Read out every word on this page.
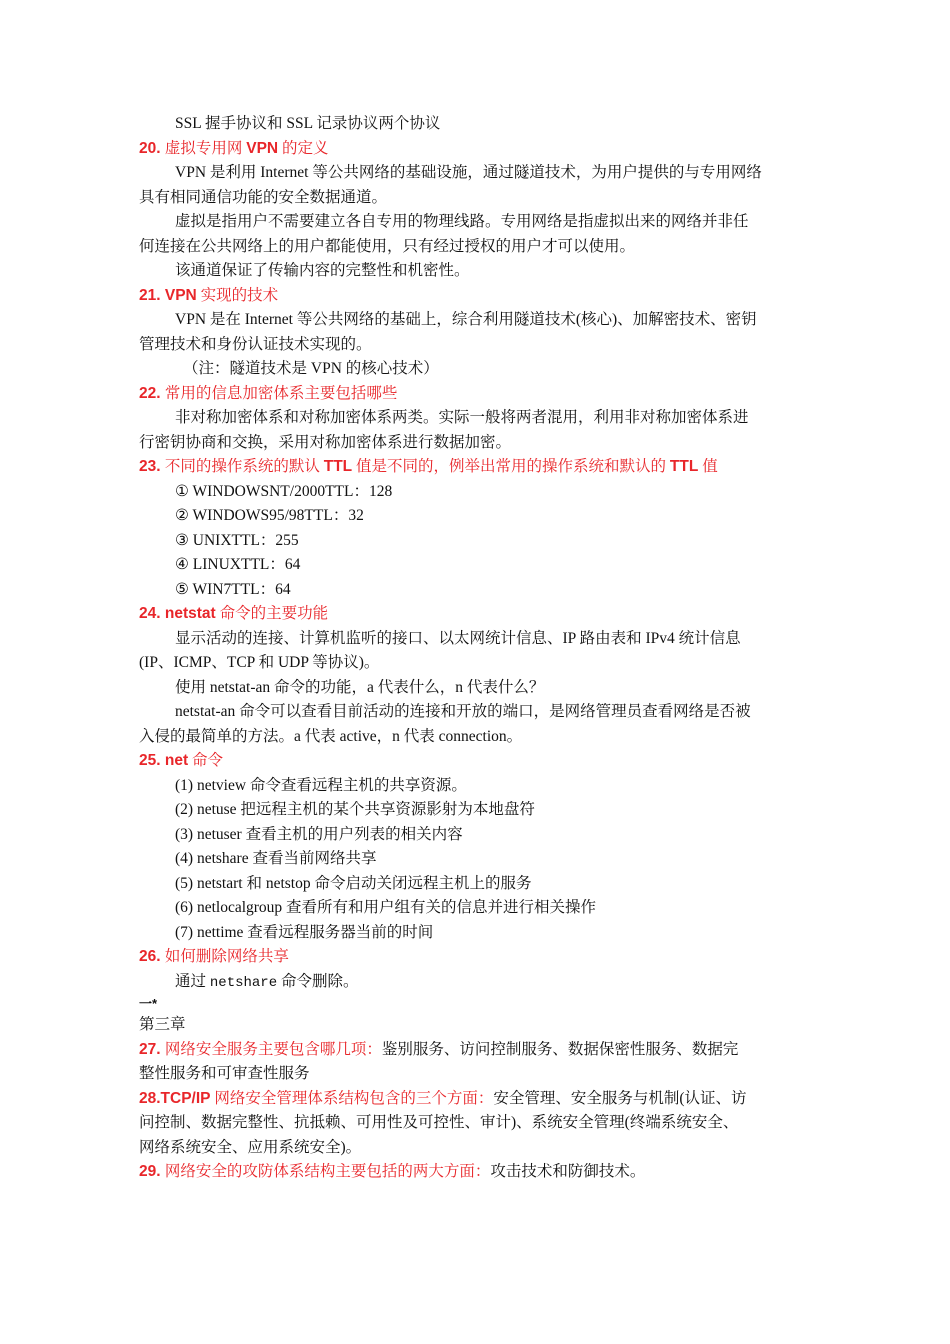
SSL 握手协议和 SSL 记录协议两个协议
20. 虚拟专用网 VPN 的定义
VPN 是利用 Internet 等公共网络的基础设施，通过隧道技术，为用户提供的与专用网络
具有相同通信功能的安全数据通道。
虚拟是指用户不需要建立各自专用的物理线路。专用网络是指虚拟出来的网络并非任
何连接在公共网络上的用户都能使用，只有经过授权的用户才可以使用。
该通道保证了传输内容的完整性和机密性。
21. VPN 实现的技术
VPN 是在 Internet 等公共网络的基础上，综合利用隧道技术(核心)、加解密技术、密钥
管理技术和身份认证技术实现的。
（注：隧道技术是 VPN 的核心技术）
22. 常用的信息加密体系主要包括哪些
非对称加密体系和对称加密体系两类。实际一般将两者混用，利用非对称加密体系进
行密钥协商和交换，采用对称加密体系进行数据加密。
23. 不同的操作系统的默认 TTL 值是不同的，例举出常用的操作系统和默认的 TTL 值
① WINDOWSNT/2000TTL：128
② WINDOWS95/98TTL：32
③ UNIXTTL：255
④ LINUXTTL：64
⑤ WIN7TTL：64
24. netstat 命令的主要功能
显示活动的连接、计算机监听的接口、以太网统计信息、IP 路由表和 IPv4 统计信息
(IP、ICMP、TCP 和 UDP 等协议)。
使用 netstat-an 命令的功能，a 代表什么，n 代表什么？
netstat-an 命令可以查看目前活动的连接和开放的端口，是网络管理员查看网络是否被
入侵的最简单的方法。a 代表 active，n 代表 connection。
25. net 命令
(1) netview 命令查看远程主机的共享资源。
(2) netuse 把远程主机的某个共享资源影射为本地盘符
(3) netuser 查看主机的用户列表的相关内容
(4) netshare 查看当前网络共享
(5) netstart 和 netstop 命令启动关闭远程主机上的服务
(6) netlocalgroup 查看所有和用户组有关的信息并进行相关操作
(7) nettime 查看远程服务器当前的时间
26. 如何删除网络共享
通过 netshare 命令删除。
一*
第三章
27. 网络安全服务主要包含哪几项：鉴别服务、访问控制服务、数据保密性服务、数据完
整性服务和可审查性服务
28.TCP/IP 网络安全管理体系结构包含的三个方面：安全管理、安全服务与机制(认证、访
问控制、数据完整性、抗抵赖、可用性及可控性、审计)、系统安全管理(终端系统安全、
网络系统安全、应用系统安全)。
29. 网络安全的攻防体系结构主要包括的两大方面：攻击技术和防御技术。
